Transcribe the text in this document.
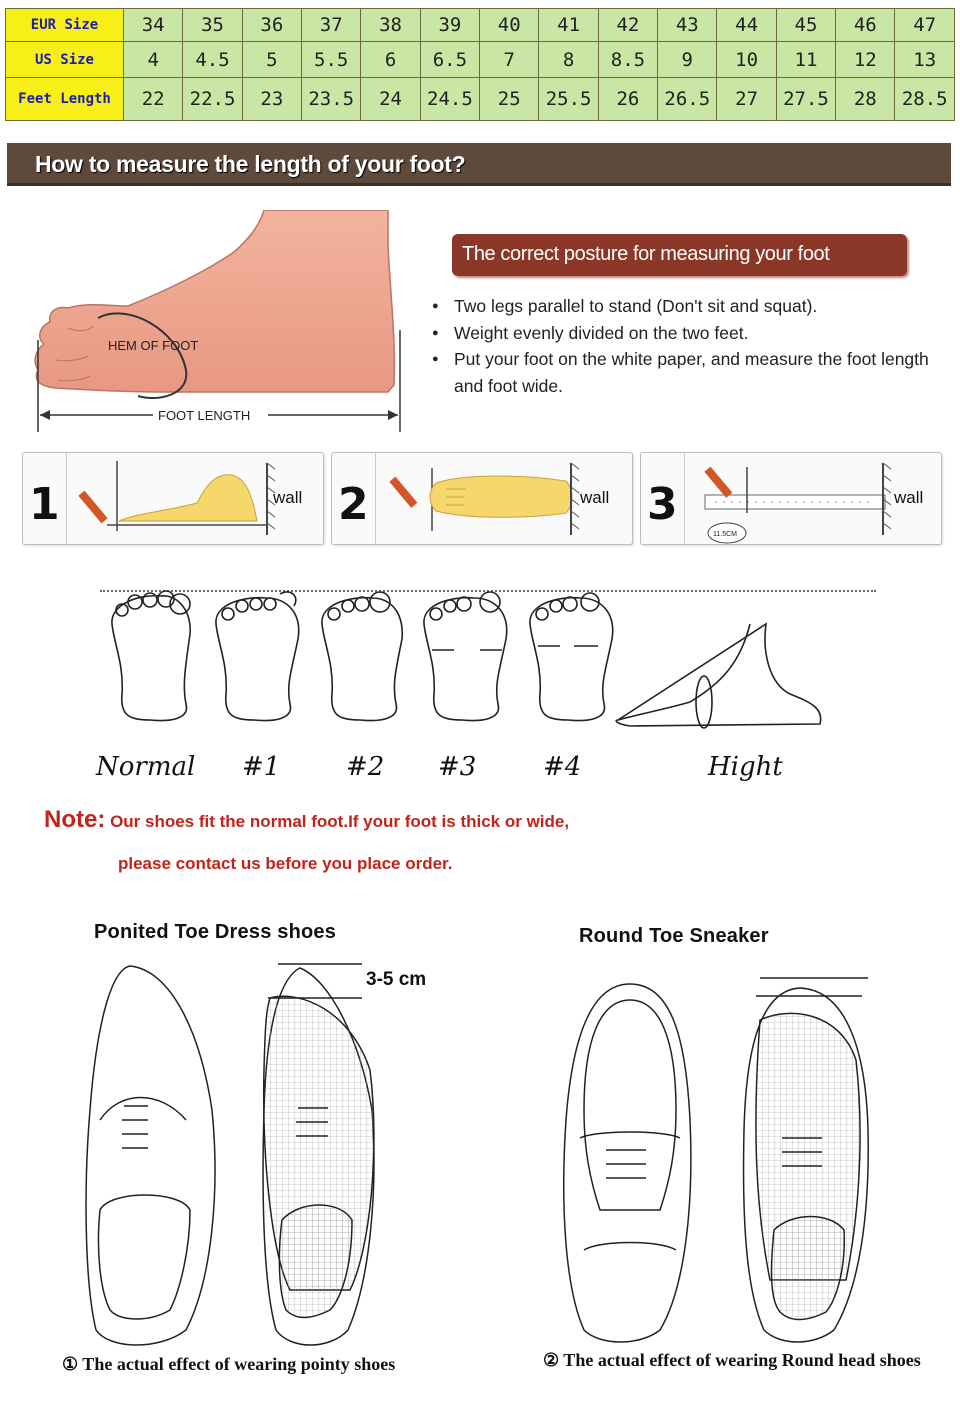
EUR Size	34	35	36	37	38	39	40	41	42	43	44	45	46	47
US Size	4	4.5	5	5.5	6	6.5	7	8	8.5	9	10	11	12	13
Feet Length	22	22.5	23	23.5	24	24.5	25	25.5	26	26.5	27	27.5	28	28.5
How to measure the length of your foot?
HEM OF FOOT
FOOT LENGTH
The correct posture for measuring your foot
● Two legs parallel to stand (Don't sit and squat).
● Weight evenly divided on the two feet.
● Put your foot on the white paper, and measure the foot length and foot wide.
1	wall 2	wall 3
11.5CM
wall
Normal #1	#2 #3	#4	Hight
Note: Our shoes fit the normal foot.If your foot is thick or wide,
please contact us before you place order.
Ponited Toe Dress shoes	Round Toe Sneaker
3-5 cm
① The actual effect of wearing pointy shoes	② The actual effect of wearing Round head shoes
